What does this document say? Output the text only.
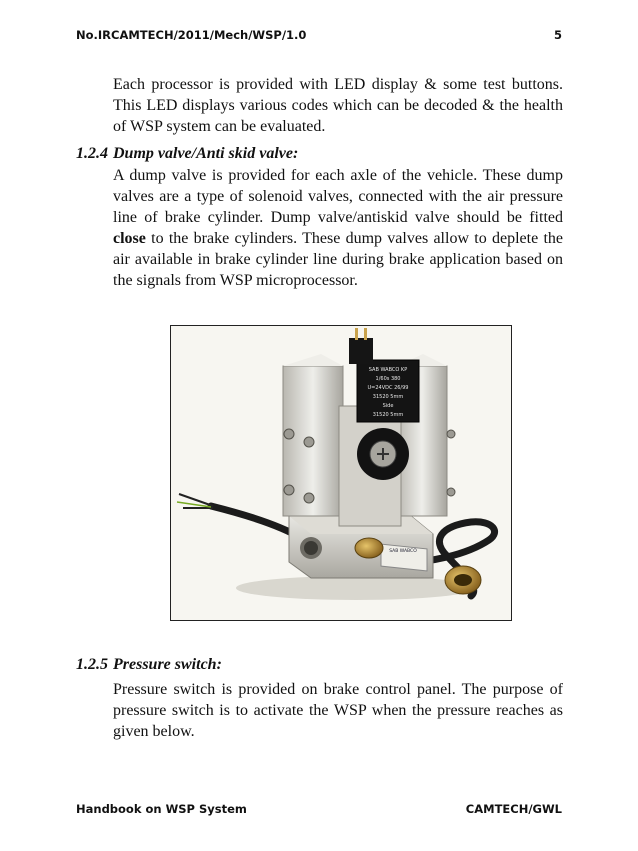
No.IRCAMTECH/2011/Mech/WSP/1.0	5
Each processor is provided with LED display & some test buttons. This LED displays various codes which can be decoded & the health of WSP system can be evaluated.
1.2.4 Dump valve/Anti skid valve:
A dump valve is provided for each axle of the vehicle. These dump valves are a type of solenoid valves, connected with the air pressure line of brake cylinder. Dump valve/antiskid valve should be fitted close to the brake cylinders. These dump valves allow to deplete the air available in brake cylinder line during brake application based on the signals from WSP microprocessor.
SAB WABCO KP
1/60s 380
U=24VDC 26/99
31520 5mm
Side
31520 5mm
SAB WABCO
1.2.5 Pressure switch:
Pressure switch is provided on brake control panel. The purpose of pressure switch is to activate the WSP when the pressure reaches as given below.
Handbook on WSP System	CAMTECH/GWL
